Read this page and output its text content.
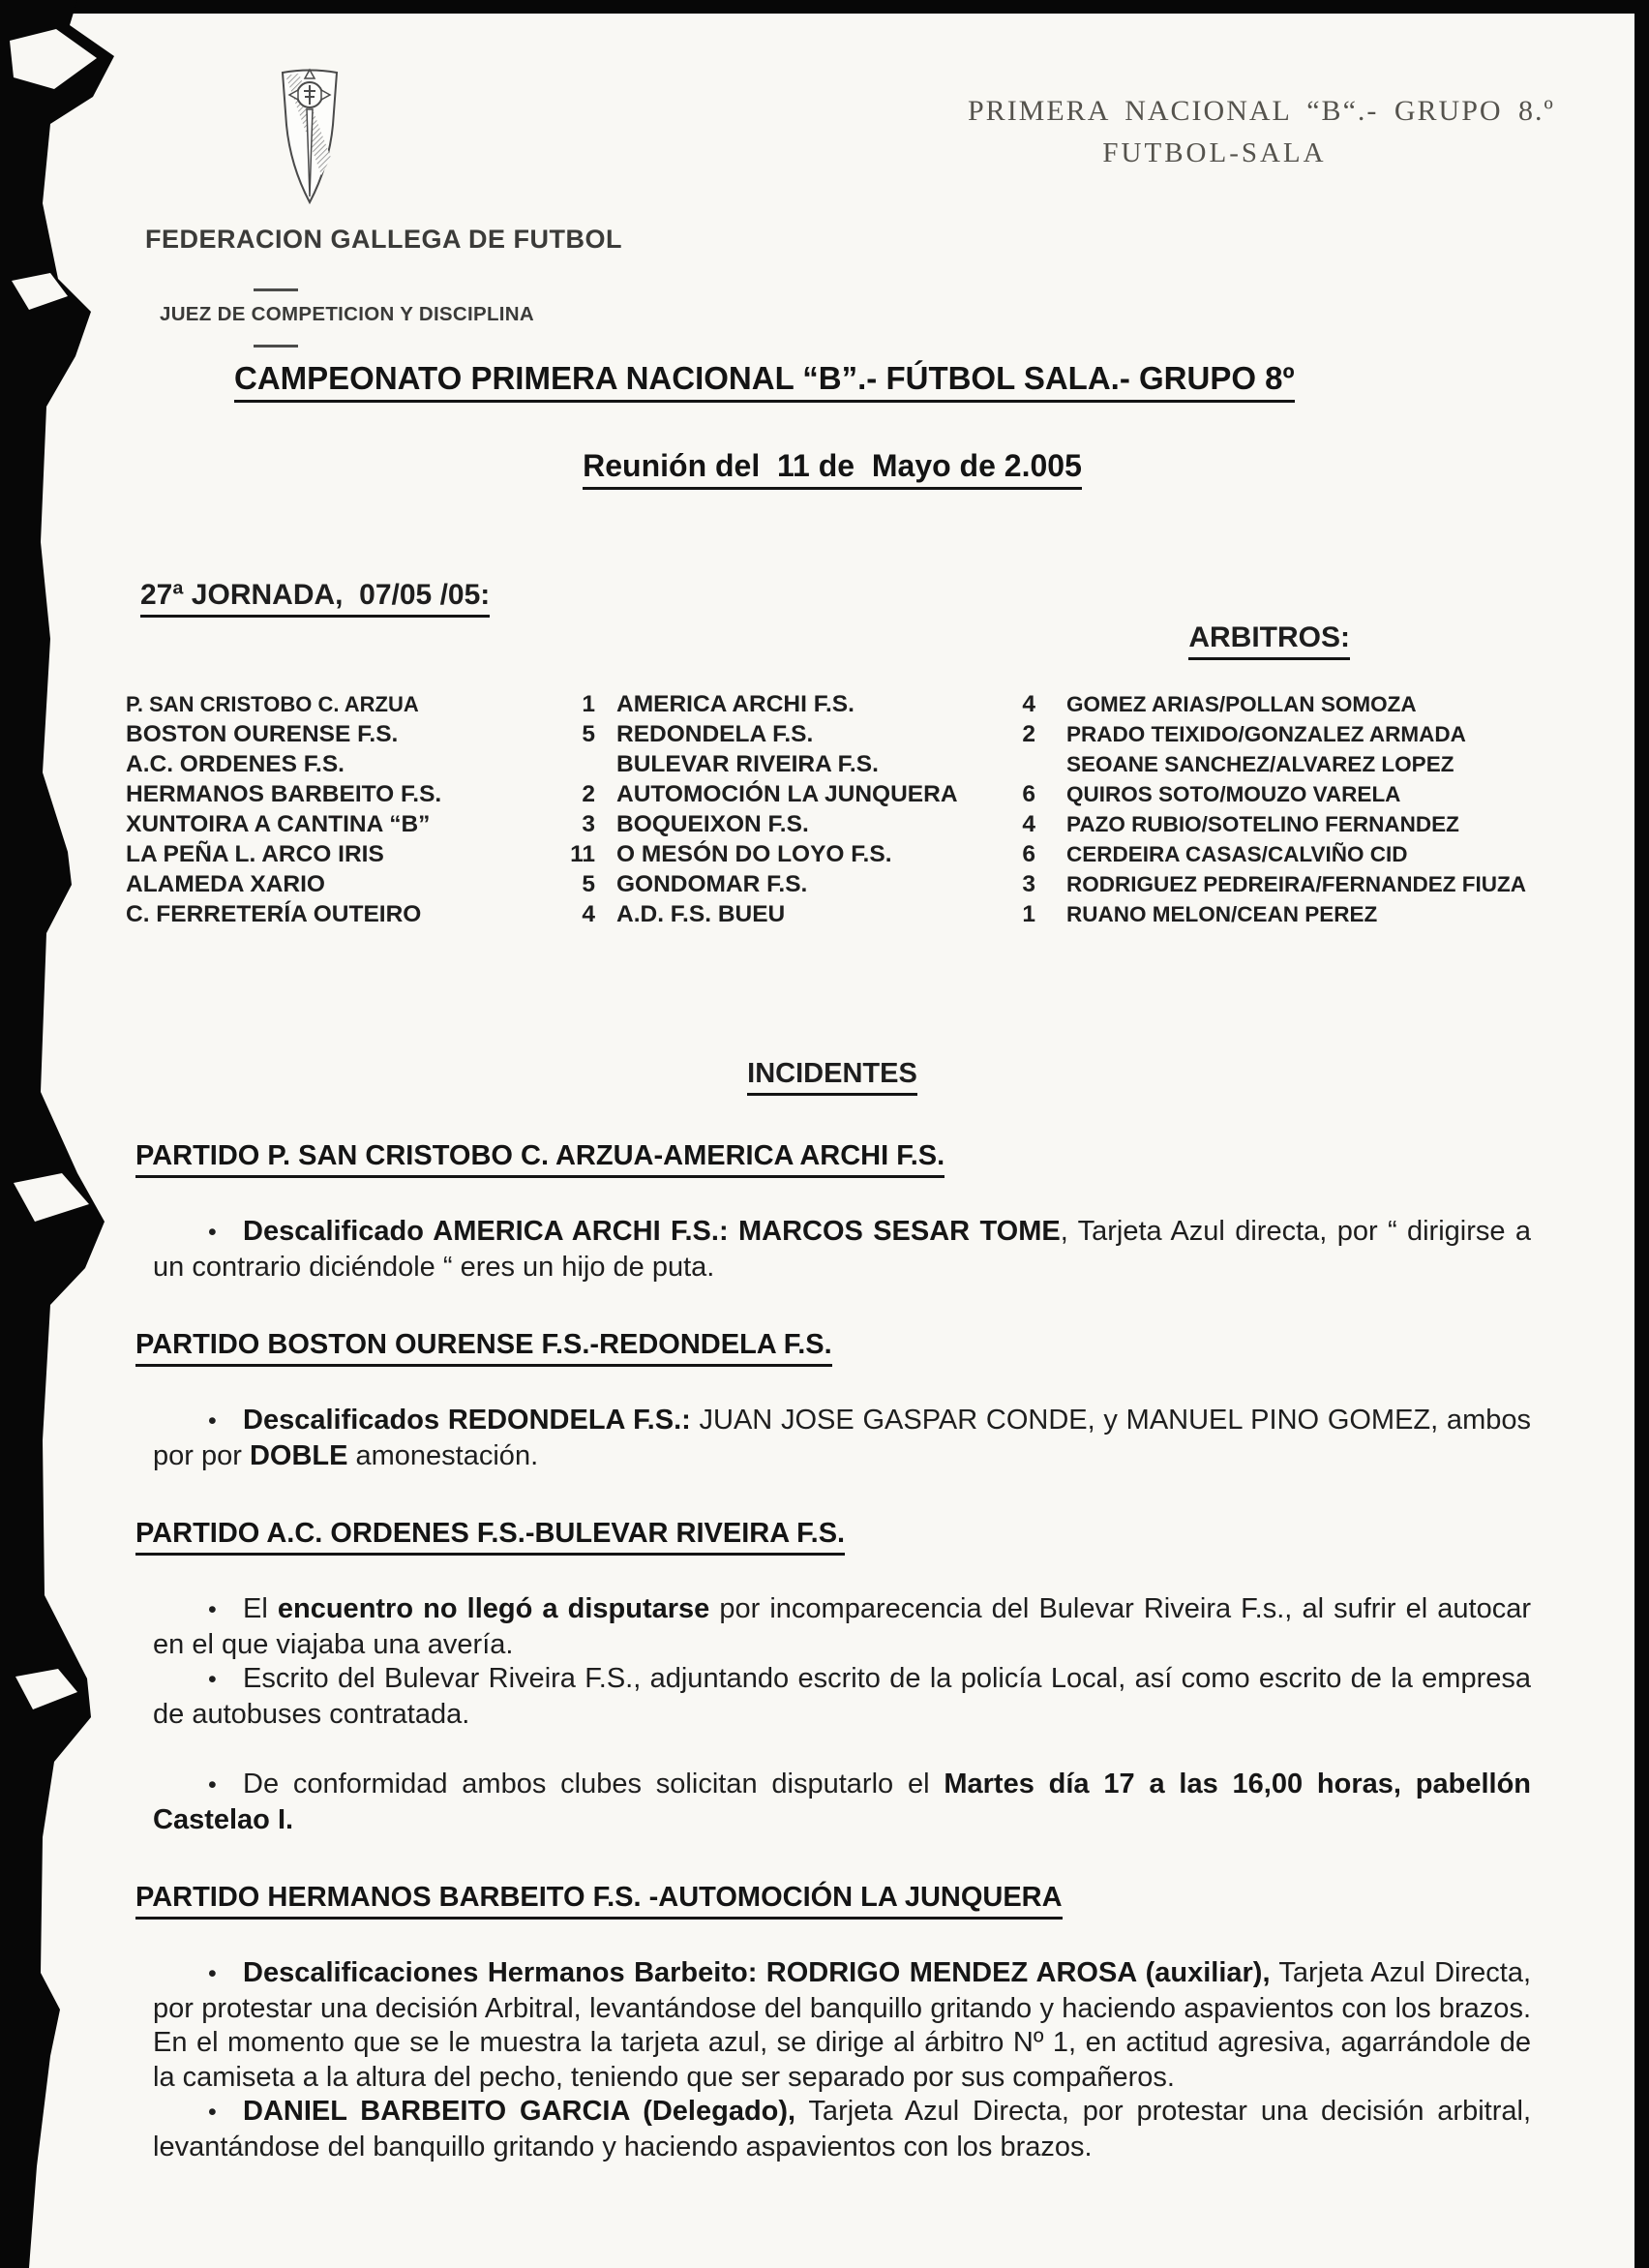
PRIMERA NACIONAL “B“.- GRUPO 8.º
FUTBOL-SALA
FEDERACION GALLEGA DE FUTBOL
JUEZ DE COMPETICION Y DISCIPLINA
CAMPEONATO PRIMERA NACIONAL “B”.- FÚTBOL SALA.- GRUPO 8º
Reunión del  11 de  Mayo de 2.005
27ª JORNADA,  07/05 /05:
ARBITROS:
P. SAN CRISTOBO C. ARZUA	1 AMERICA ARCHI F.S.	4 GOMEZ ARIAS/POLLAN SOMOZA
BOSTON OURENSE F.S.	5 REDONDELA F.S.	2 PRADO TEIXIDO/GONZALEZ ARMADA
A.C. ORDENES F.S.	BULEVAR RIVEIRA F.S.	SEOANE SANCHEZ/ALVAREZ LOPEZ
HERMANOS BARBEITO F.S.	2 AUTOMOCIÓN LA JUNQUERA	6 QUIROS SOTO/MOUZO VARELA
XUNTOIRA A CANTINA “B”	3 BOQUEIXON F.S.	4 PAZO RUBIO/SOTELINO FERNANDEZ
LA PEÑA L. ARCO IRIS	11 O MESÓN DO LOYO F.S.	6 CERDEIRA CASAS/CALVIÑO CID
ALAMEDA XARIO	5 GONDOMAR F.S.	3 RODRIGUEZ PEDREIRA/FERNANDEZ FIUZA
C. FERRETERÍA OUTEIRO	4 A.D. F.S. BUEU	1 RUANO MELON/CEAN PEREZ
INCIDENTES
PARTIDO P. SAN CRISTOBO C. ARZUA-AMERICA ARCHI F.S.

• Descalificado AMERICA ARCHI F.S.: MARCOS SESAR TOME, Tarjeta Azul directa, por “ dirigirse a un contrario diciéndole “ eres un hijo de puta.

PARTIDO BOSTON OURENSE F.S.-REDONDELA F.S.

• Descalificados REDONDELA F.S.: JUAN JOSE GASPAR CONDE, y MANUEL PINO GOMEZ, ambos por por DOBLE amonestación.

PARTIDO A.C. ORDENES F.S.-BULEVAR RIVEIRA F.S.

• El encuentro no llegó a disputarse por incomparecencia del Bulevar Riveira F.s., al sufrir el autocar en el que viajaba una avería.

• Escrito del Bulevar Riveira F.S., adjuntando escrito de la policía Local, así como escrito de la empresa de autobuses contratada.

• De conformidad ambos clubes solicitan disputarlo el Martes día 17 a las 16,00 horas, pabellón Castelao I.

PARTIDO HERMANOS BARBEITO F.S. -AUTOMOCIÓN LA JUNQUERA

• Descalificaciones Hermanos Barbeito: RODRIGO MENDEZ AROSA (auxiliar), Tarjeta Azul Directa, por protestar una decisión Arbitral, levantándose del banquillo gritando y haciendo aspavientos con los brazos. En el momento que se le muestra la tarjeta azul, se dirige al árbitro Nº 1, en actitud agresiva, agarrándole de la camiseta a la altura del pecho, teniendo que ser separado por sus compañeros.

• DANIEL BARBEITO GARCIA (Delegado), Tarjeta Azul Directa, por protestar una decisión arbitral, levantándose del banquillo gritando y haciendo aspavientos con los brazos.
